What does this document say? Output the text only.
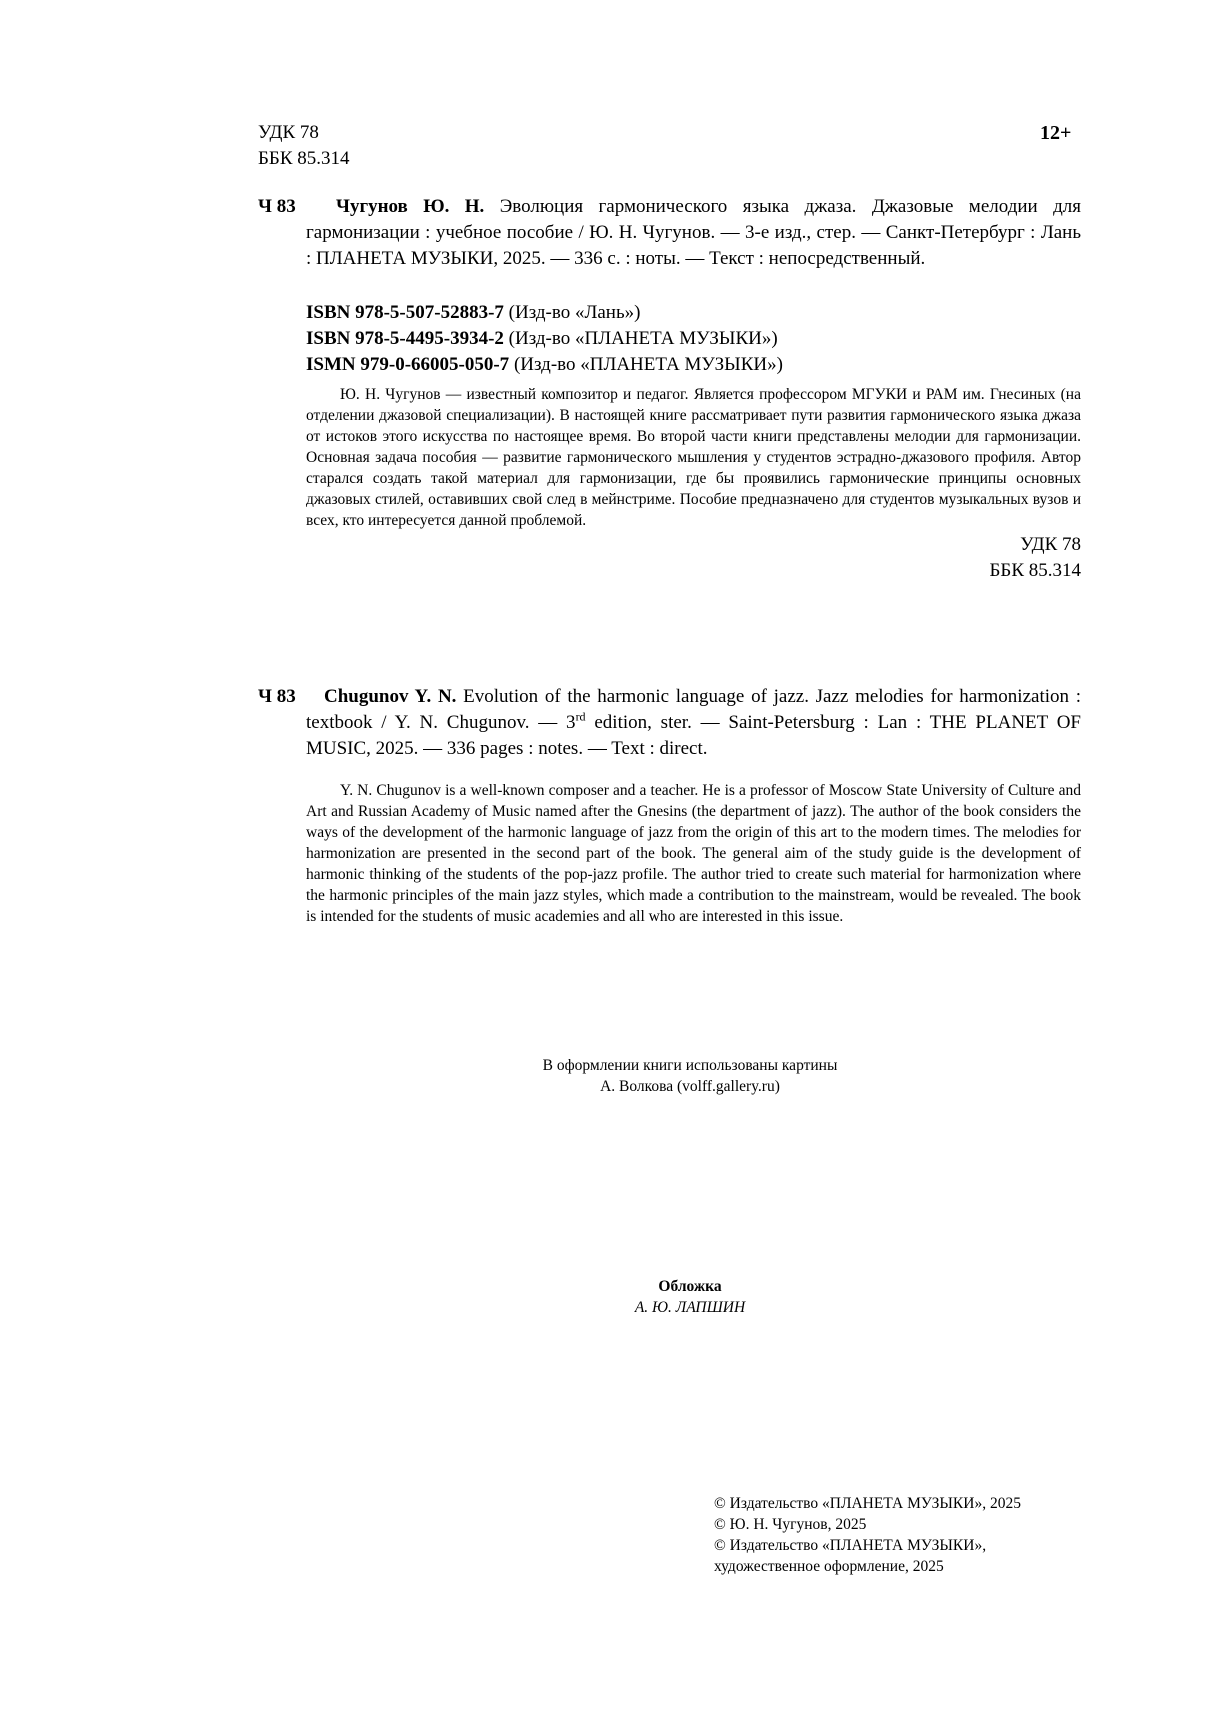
УДК 78
ББК 85.314
12+
Ч 83	Чугунов Ю. Н. Эволюция гармонического языка джаза. Джазовые мелодии для гармонизации : учебное пособие / Ю. Н. Чугунов. — 3-е изд., стер. — Санкт-Петербург : Лань : ПЛАНЕТА МУЗЫКИ, 2025. — 336 с. : ноты. — Текст : непосредственный.
ISBN 978-5-507-52883-7 (Изд-во «Лань»)
ISBN 978-5-4495-3934-2 (Изд-во «ПЛАНЕТА МУЗЫКИ»)
ISMN 979-0-66005-050-7 (Изд-во «ПЛАНЕТА МУЗЫКИ»)
Ю. Н. Чугунов — известный композитор и педагог. Является профессором МГУКИ и РАМ им. Гнесиных (на отделении джазовой специализации). В настоящей книге рассматривает пути развития гармонического языка джаза от истоков этого искусства по настоящее время. Во второй части книги представлены мелодии для гармонизации. Основная задача пособия — развитие гармонического мышления у студентов эстрадно-джазового профиля. Автор старался создать такой материал для гармонизации, где бы проявились гармонические принципы основных джазовых стилей, оставивших свой след в мейнстриме. Пособие предназначено для студентов музыкальных вузов и всех, кто интересуется данной проблемой.
УДК 78
ББК 85.314
Ч 83	Chugunov Y. N. Evolution of the harmonic language of jazz. Jazz melodies for harmonization : textbook / Y. N. Chugunov. — 3rd edition, ster. — Saint-Petersburg : Lan : THE PLANET OF MUSIC, 2025. — 336 pages : notes. — Text : direct.
Y. N. Chugunov is a well-known composer and a teacher. He is a professor of Moscow State University of Culture and Art and Russian Academy of Music named after the Gnesins (the department of jazz). The author of the book considers the ways of the development of the harmonic language of jazz from the origin of this art to the modern times. The melodies for harmonization are presented in the second part of the book. The general aim of the study guide is the development of harmonic thinking of the students of the pop-jazz profile. The author tried to create such material for harmonization where the harmonic principles of the main jazz styles, which made a contribution to the mainstream, would be revealed. The book is intended for the students of music academies and all who are interested in this issue.
В оформлении книги использованы картины
А. Волкова (volff.gallery.ru)
Обложка
А. Ю. ЛАПШИН
© Издательство «ПЛАНЕТА МУЗЫКИ», 2025
© Ю. Н. Чугунов, 2025
© Издательство «ПЛАНЕТА МУЗЫКИ»,
художественное оформление, 2025
